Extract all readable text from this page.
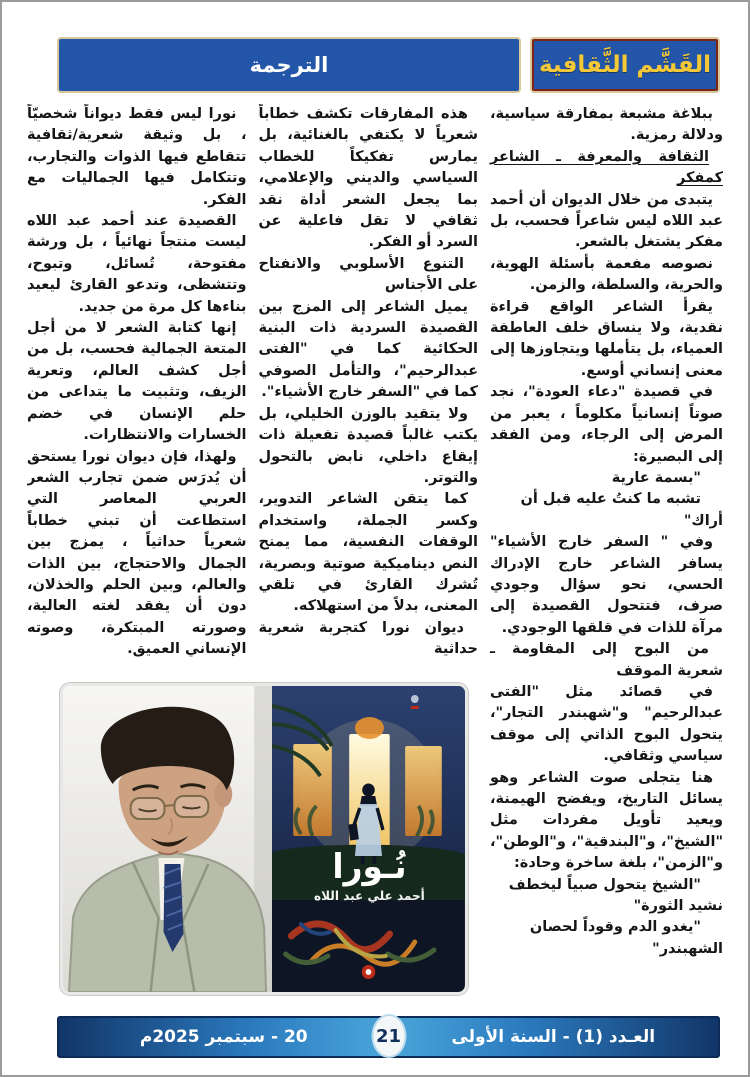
القَشَّم الثَّقافية
الترجمة

ببلاغة مشبعة بمفارقة سياسية، ودلالة رمزية.

الثقافة والمعرفة ـ الشاعر كمفكر

يتبدى من خلال الديوان أن أحمد عبد اللاه ليس شاعراً فحسب، بل مفكر يشتغل بالشعر.

نصوصه مفعمة بأسئلة الهوية، والحرية، والسلطة، والزمن.

يقرأ الشاعر الواقع قراءة نقدية، ولا ينساق خلف العاطفة العمياء، بل يتأملها ويتجاوزها إلى معنى إنساني أوسع.

في قصيدة "دعاء العودة"، نجد صوتاً إنسانياً مكلوماً ، يعبر من المرض إلى الرجاء، ومن الفقد إلى البصيرة:

"بسمة عارية

تشبه ما كنتُ عليه قبل أن أراك"

وفي " السفر خارج الأشياء" يسافر الشاعر خارج الإدراك الحسي، نحو سؤال وجودي صرف، فتتحول القصيدة إلى مرآة للذات في قلقها الوجودي.

من البوح إلى المقاومة ـ شعرية الموقف

في قصائد مثل "الفتى عبدالرحيم" و"شهبندر التجار"، يتحول البوح الذاتي إلى موقف سياسي وثقافي.

هنا يتجلى صوت الشاعر وهو يسائل التاريخ، ويفضح الهيمنة، ويعيد تأويل مفردات مثل "الشيخ"، و"البندقية"، و"الوطن"، و"الزمن"، بلغة ساخرة وحادة:

"الشيخ يتحول صبياً ليخطف نشيد الثورة"

"يغدو الدم وقوداً لحصان الشهبندر"

هذه المفارقات تكشف خطاباً شعرياً لا يكتفي بالغنائية، بل يمارس تفكيكاً للخطاب السياسي والديني والإعلامي، بما يجعل الشعر أداة نقد ثقافي لا تقل فاعلية عن السرد أو الفكر.

التنوع الأسلوبي والانفتاح على الأجناس

يميل الشاعر إلى المزج بين القصيدة السردية ذات البنية الحكائية كما في "الفتى عبدالرحيم"، والتأمل الصوفي كما في "السفر خارج الأشياء".

ولا يتقيد بالوزن الخليلي، بل يكتب غالباً قصيدة تفعيلة ذات إيقاع داخلي، نابض بالتحول والتوتر.

كما يتقن الشاعر التدوير، وكسر الجملة، واستخدام الوقفات النفسية، مما يمنح النص ديناميكية صوتية وبصرية، تُشرك القارئ في تلقي المعنى، بدلاً من استهلاكه.

ديوان نورا كتجربة شعرية حداثية

نورا ليس فقط ديواناً شخصيّاً ، بل وثيقة شعرية/ثقافية تتقاطع فيها الذوات والتجارب، وتتكامل فيها الجماليات مع الفكر.

القصيدة عند أحمد عبد اللاه ليست منتجاً نهائياً ، بل ورشة مفتوحة، تُسائل، وتبوح، وتتشظى، وتدعو القارئ ليعيد بناءها كل مرة من جديد.

إنها كتابة الشعر لا من أجل المتعة الجمالية فحسب، بل من أجل كشف العالم، وتعرية الزيف، وتثبيت ما يتداعى من حلم الإنسان في خضم الخسارات والانتظارات.

ولهذا، فإن ديوان نورا يستحق أن يُدرَس ضمن تجارب الشعر العربي المعاصر التي استطاعت أن تبني خطاباً شعرياً حداثياً ، يمزج بين الجمال والاحتجاج، بين الذات والعالم، وبين الحلم والخذلان، دون أن يفقد لغته العالية، وصورته المبتكرة، وصوته الإنساني العميق.

نُـورا
أحمد علي عبد اللاه
العـدد (1) - السنة الأولى
20 - سبتمبر 2025م	21
